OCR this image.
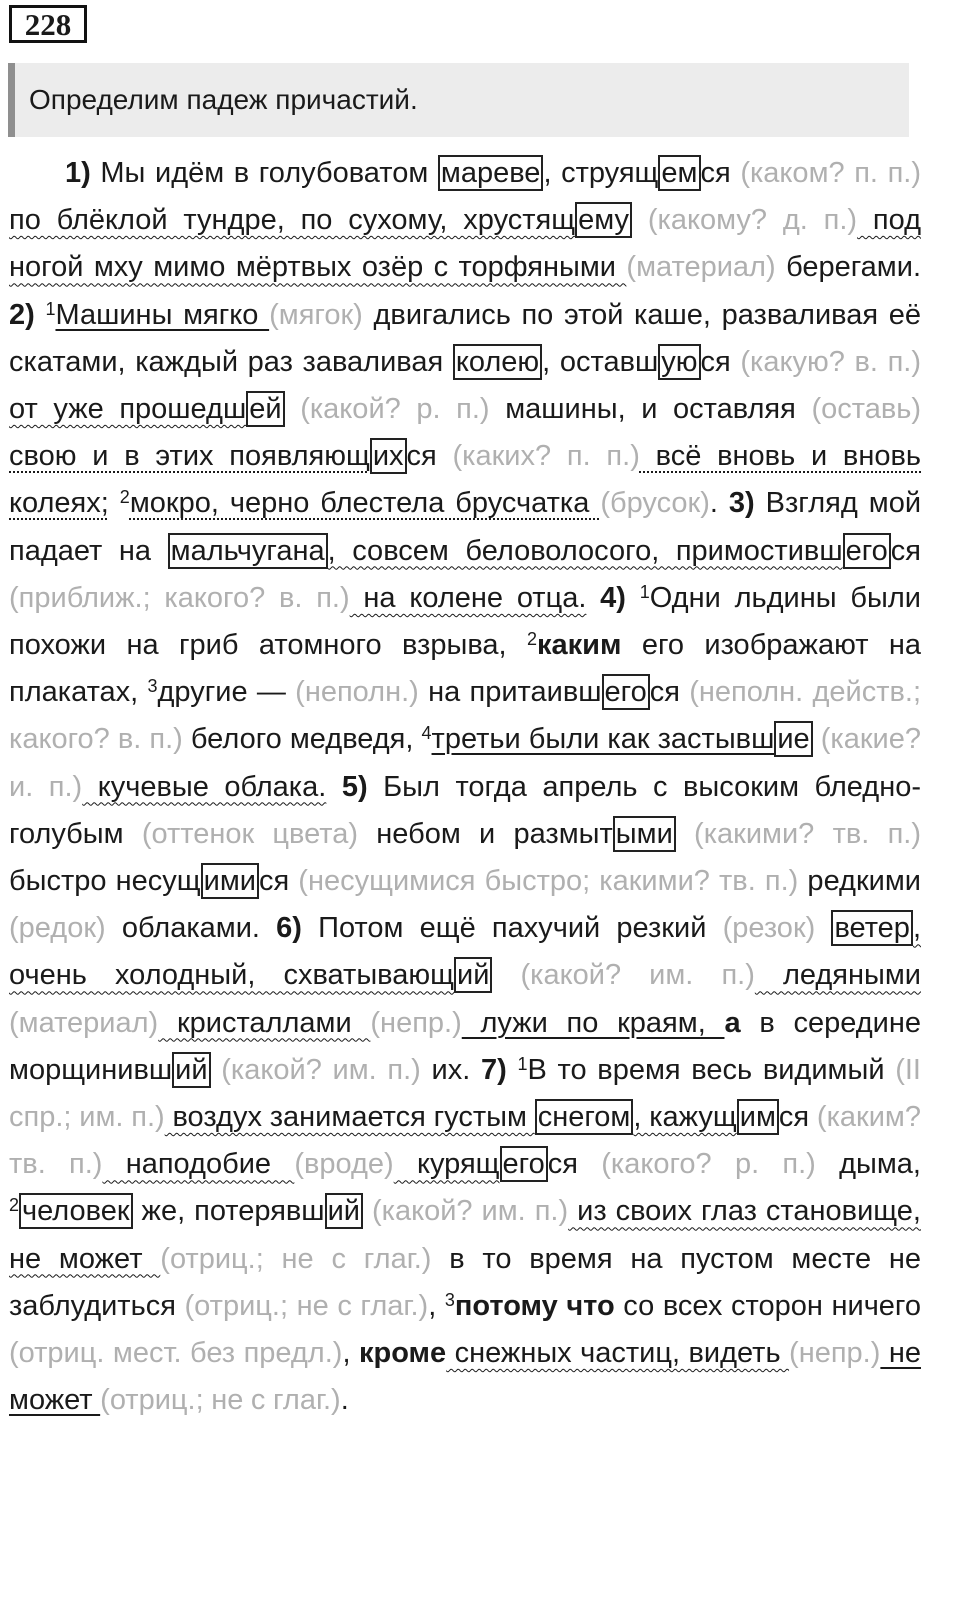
228
Определим падеж причастий.

1) Мы идём в голубоватом мареве , струящ ем ся (каком? п. п.) по блёклой тундре, по сухому, хрустящ ему (какому? д. п.) под ногой мху мимо мёртвых озёр с торфяными (материал) берегами. 2) $^1$Машины мягко (мягок) двигались по этой каше, разваливая её скатами, каждый раз заваливая колею , оставш ую ся (какую? в. п.) от уже прошедш ей (какой? р. п.) машины, и оставляя (оставь) свою и в этих появляющ их ся (каких? п. п.) всё вновь и вновь колеях; $^2$мокро, черно блестела брусчатка (брусок). 3) Взгляд мой падает на мальчугана , совсем беловолосого, примостивш его ся (приближ.; какого? в. п.) на колене отца. 4) $^1$Одни льдины были похожи на гриб атомного взрыва, $^2$каким его изображают на плакатах, $^3$другие — (неполн.) на притаивш его ся (неполн. действ.; какого? в. п.) белого медведя, $^4$третьи были как застывш ие (какие? и. п.) кучевые облака. 5) Был тогда апрель с высоким бледно-голубым (оттенок цвета) небом и размыт ыми (какими? тв. п.) быстро несущ ими ся (несущимися быстро; какими? тв. п.) редкими (редок) облаками. 6) Потом ещё пахучий резкий (резок) ветер , очень холодный, схватывающ ий (какой? им. п.) ледяными (материал) кристаллами (непр.) лужи по краям, а в середине морщинивш ий (какой? им. п.) их. 7) $^1$В то время весь видимый (II спр.; им. п.) воздух занимается густым снегом , кажущ им ся (каким? тв. п.) наподобие (вроде) курящ его ся (какого? р. п.) дыма, $^2$ человек же, потерявш ий (какой? им. п.) из своих глаз становище, не может (отриц.; не с глаг.) в то время на пустом месте не заблудиться (отриц.; не с глаг.), $^3$потому что со всех сторон ничего (отриц. мест. без предл.), кроме снежных частиц, видеть (непр.) не может (отриц.; не с глаг.).
